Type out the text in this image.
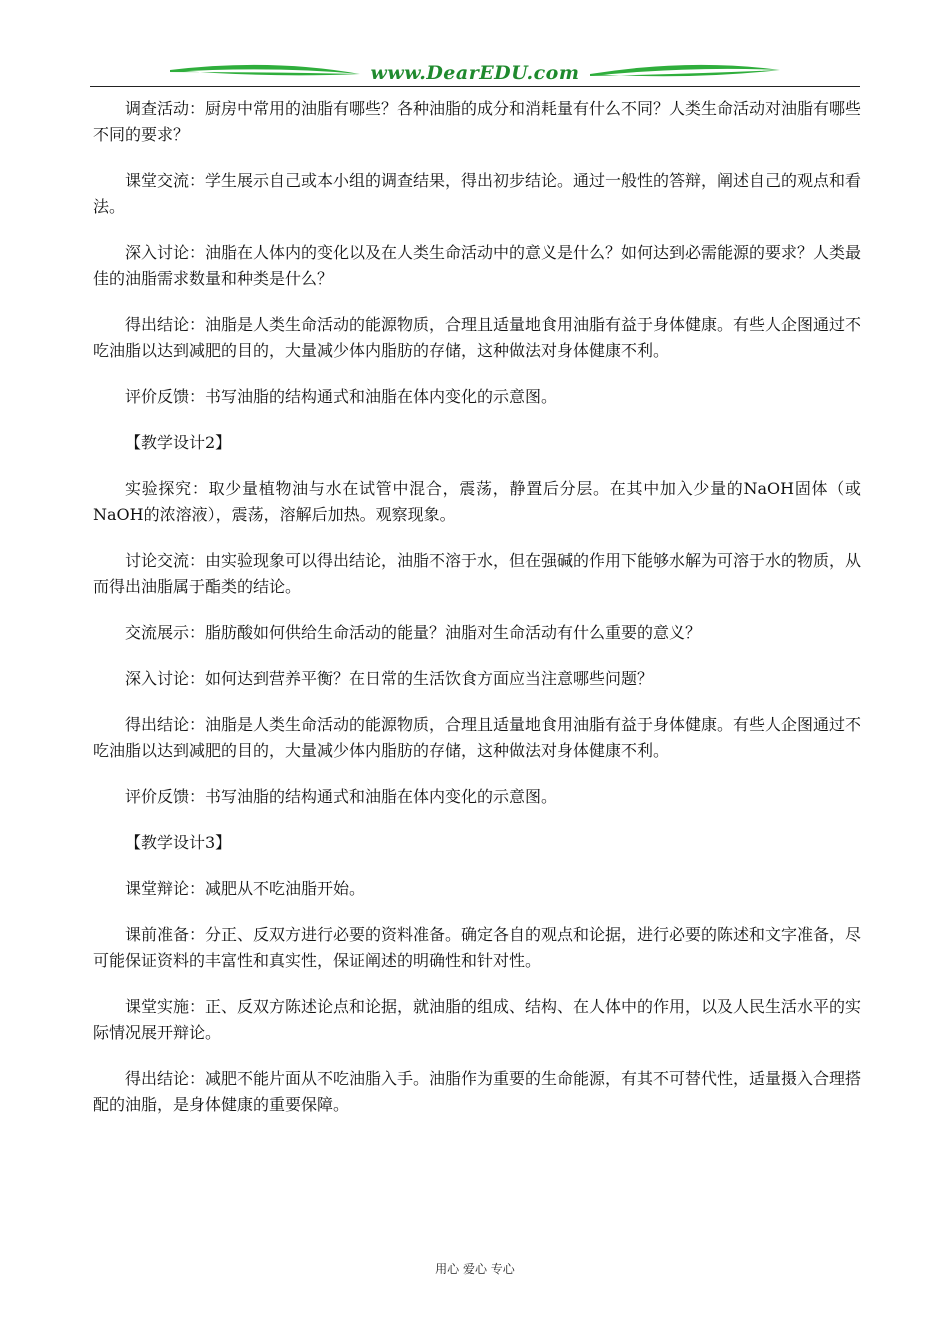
www.DearEDU.com

调查活动：厨房中常用的油脂有哪些？各种油脂的成分和消耗量有什么不同？人类生命活动对油脂有哪些不同的要求？

课堂交流：学生展示自己或本小组的调查结果，得出初步结论。通过一般性的答辩，阐述自己的观点和看法。

深入讨论：油脂在人体内的变化以及在人类生命活动中的意义是什么？如何达到必需能源的要求？人类最佳的油脂需求数量和种类是什么？

得出结论：油脂是人类生命活动的能源物质，合理且适量地食用油脂有益于身体健康。有些人企图通过不吃油脂以达到减肥的目的，大量减少体内脂肪的存储，这种做法对身体健康不利。

评价反馈：书写油脂的结构通式和油脂在体内变化的示意图。

【教学设计2】

实验探究：取少量植物油与水在试管中混合，震荡，静置后分层。在其中加入少量的NaOH固体（或NaOH的浓溶液），震荡，溶解后加热。观察现象。

讨论交流：由实验现象可以得出结论，油脂不溶于水，但在强碱的作用下能够水解为可溶于水的物质，从而得出油脂属于酯类的结论。

交流展示：脂肪酸如何供给生命活动的能量？油脂对生命活动有什么重要的意义？

深入讨论：如何达到营养平衡？在日常的生活饮食方面应当注意哪些问题？

得出结论：油脂是人类生命活动的能源物质，合理且适量地食用油脂有益于身体健康。有些人企图通过不吃油脂以达到减肥的目的，大量减少体内脂肪的存储，这种做法对身体健康不利。

评价反馈：书写油脂的结构通式和油脂在体内变化的示意图。

【教学设计3】

课堂辩论：减肥从不吃油脂开始。

课前准备：分正、反双方进行必要的资料准备。确定各自的观点和论据，进行必要的陈述和文字准备，尽可能保证资料的丰富性和真实性，保证阐述的明确性和针对性。

课堂实施：正、反双方陈述论点和论据，就油脂的组成、结构、在人体中的作用，以及人民生活水平的实际情况展开辩论。

得出结论：减肥不能片面从不吃油脂入手。油脂作为重要的生命能源，有其不可替代性，适量摄入合理搭配的油脂，是身体健康的重要保障。

用心 爱心 专心
